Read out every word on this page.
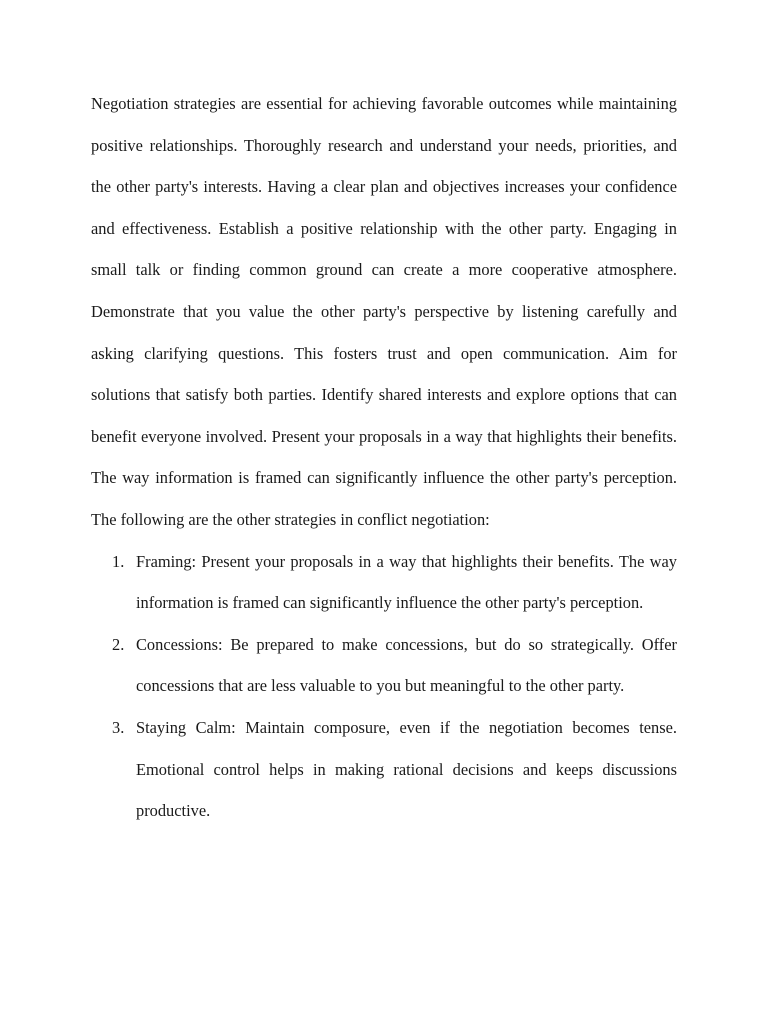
Negotiation strategies are essential for achieving favorable outcomes while maintaining positive relationships. Thoroughly research and understand your needs, priorities, and the other party's interests. Having a clear plan and objectives increases your confidence and effectiveness. Establish a positive relationship with the other party. Engaging in small talk or finding common ground can create a more cooperative atmosphere. Demonstrate that you value the other party's perspective by listening carefully and asking clarifying questions. This fosters trust and open communication. Aim for solutions that satisfy both parties. Identify shared interests and explore options that can benefit everyone involved. Present your proposals in a way that highlights their benefits. The way information is framed can significantly influence the other party's perception. The following are the other strategies in conflict negotiation:

1. Framing: Present your proposals in a way that highlights their benefits. The way information is framed can significantly influence the other party's perception.
2. Concessions: Be prepared to make concessions, but do so strategically. Offer concessions that are less valuable to you but meaningful to the other party.
3. Staying Calm: Maintain composure, even if the negotiation becomes tense. Emotional control helps in making rational decisions and keeps discussions productive.
